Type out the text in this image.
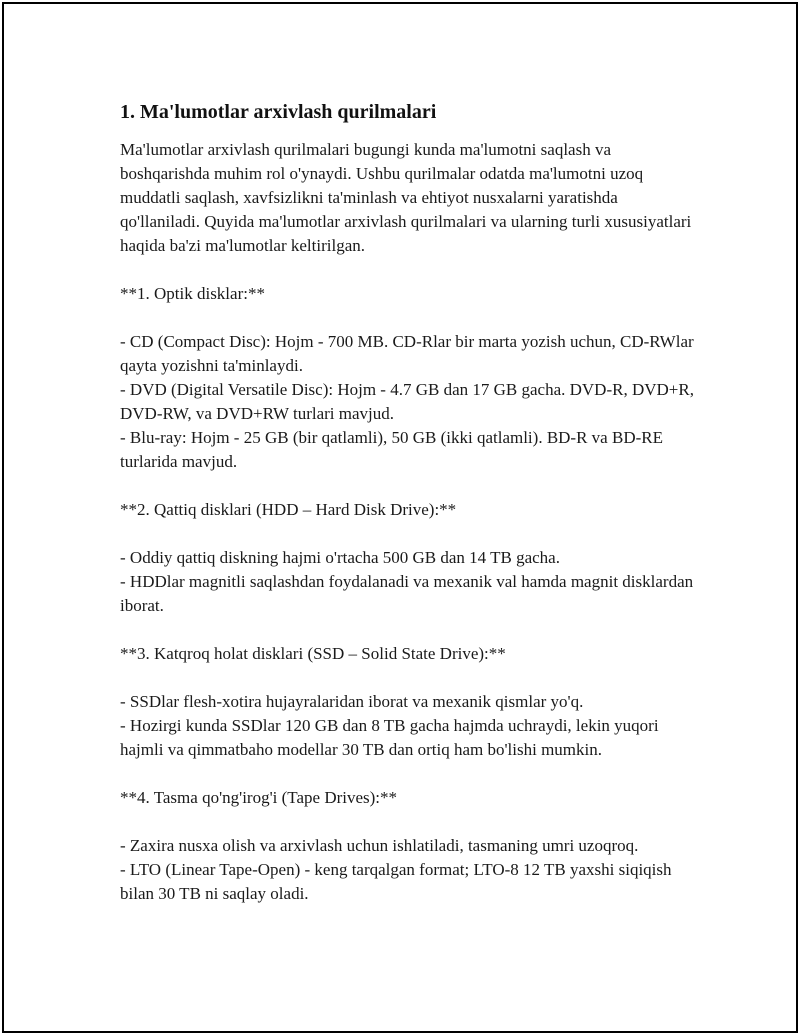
1. Ma'lumotlar arxivlash qurilmalari

Ma'lumotlar arxivlash qurilmalari bugungi kunda ma'lumotni saqlash va boshqarishda muhim rol o'ynaydi. Ushbu qurilmalar odatda ma'lumotni uzoq muddatli saqlash, xavfsizlikni ta'minlash va ehtiyot nusxalarni yaratishda qo'llaniladi. Quyida ma'lumotlar arxivlash qurilmalari va ularning turli xususiyatlari haqida ba'zi ma'lumotlar keltirilgan.

**1. Optik disklar:**

- CD (Compact Disc): Hojm - 700 MB. CD-Rlar bir marta yozish uchun, CD-RWlar qayta yozishni ta'minlaydi.

- DVD (Digital Versatile Disc): Hojm - 4.7 GB dan 17 GB gacha. DVD-R, DVD+R, DVD-RW, va DVD+RW turlari mavjud.

- Blu-ray: Hojm - 25 GB (bir qatlamli), 50 GB (ikki qatlamli). BD-R va BD-RE turlarida mavjud.

**2. Qattiq disklari (HDD – Hard Disk Drive):**

- Oddiy qattiq diskning hajmi o'rtacha 500 GB dan 14 TB gacha.

- HDDlar magnitli saqlashdan foydalanadi va mexanik val hamda magnit disklardan iborat.

**3. Katqroq holat disklari (SSD – Solid State Drive):**

- SSDlar flesh-xotira hujayralaridan iborat va mexanik qismlar yo'q.

- Hozirgi kunda SSDlar 120 GB dan 8 TB gacha hajmda uchraydi, lekin yuqori hajmli va qimmatbaho modellar 30 TB dan ortiq ham bo'lishi mumkin.

**4. Tasma qo'ng'irog'i (Tape Drives):**

- Zaxira nusxa olish va arxivlash uchun ishlatiladi, tasmaning umri uzoqroq.

- LTO (Linear Tape-Open) - keng tarqalgan format; LTO-8 12 TB yaxshi siqiqish bilan 30 TB ni saqlay oladi.
